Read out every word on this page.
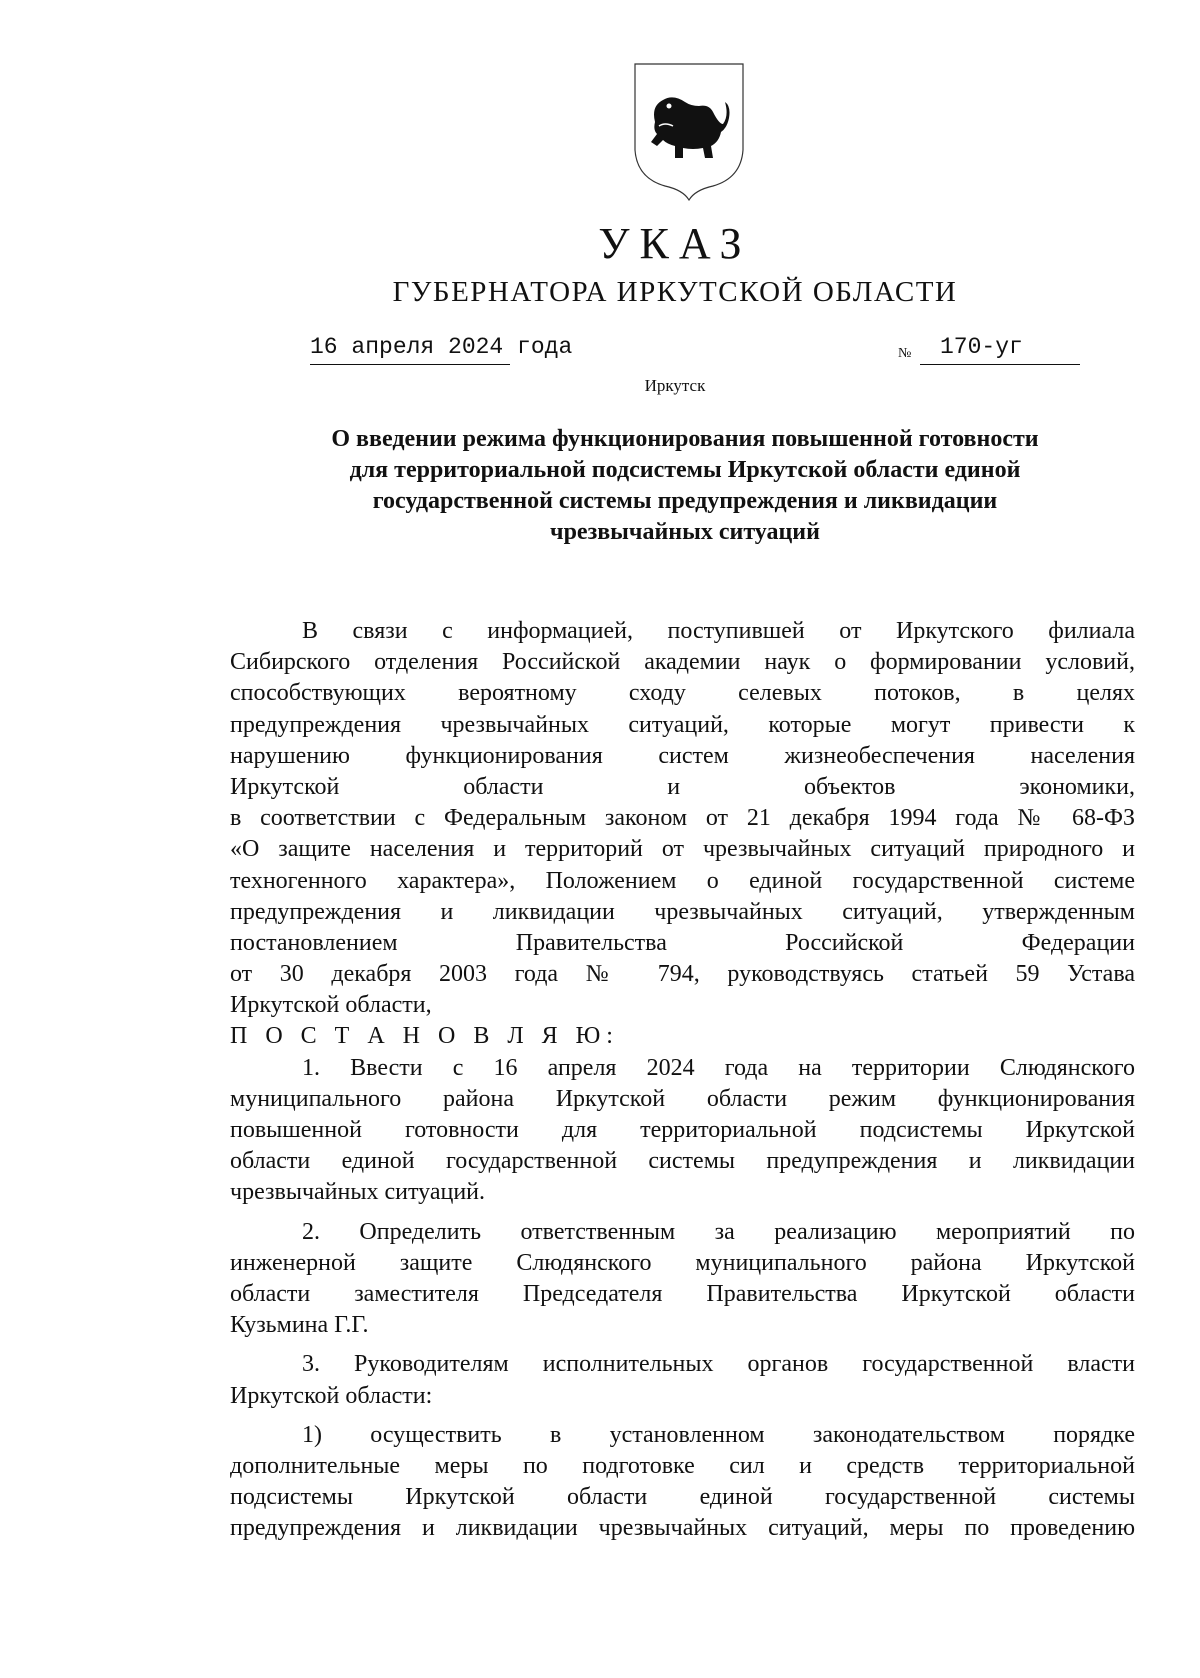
УКАЗ
ГУБЕРНАТОРА ИРКУТСКОЙ ОБЛАСТИ
16 апреля 2024 года	№ 170-уг
Иркутск
О введении режима функционирования повышенной готовности
для территориальной подсистемы Иркутской области единой
государственной системы предупреждения и ликвидации
чрезвычайных ситуаций
В связи с информацией, поступившей от Иркутского филиала
Сибирского отделения Российской академии наук о формировании условий,
способствующих вероятному сходу селевых потоков, в целях
предупреждения чрезвычайных ситуаций, которые могут привести к
нарушению функционирования систем жизнеобеспечения населения
Иркутской области и объектов экономики,
в соответствии с Федеральным законом от 21 декабря 1994 года № 68-ФЗ
«О защите населения и территорий от чрезвычайных ситуаций природного и
техногенного характера», Положением о единой государственной системе
предупреждения и ликвидации чрезвычайных ситуаций, утвержденным
постановлением Правительства Российской Федерации
от 30 декабря 2003 года № 794, руководствуясь статьей 59 Устава
Иркутской области,
П О С Т А Н О В Л Я Ю:
1. Ввести с 16 апреля 2024 года на территории Слюдянского
муниципального района Иркутской области режим функционирования
повышенной готовности для территориальной подсистемы Иркутской
области единой государственной системы предупреждения и ликвидации
чрезвычайных ситуаций.
2. Определить ответственным за реализацию мероприятий по
инженерной защите Слюдянского муниципального района Иркутской
области заместителя Председателя Правительства Иркутской области
Кузьмина Г.Г.
3. Руководителям исполнительных органов государственной власти
Иркутской области:
1) осуществить в установленном законодательством порядке
дополнительные меры по подготовке сил и средств территориальной
подсистемы Иркутской области единой государственной системы
предупреждения и ликвидации чрезвычайных ситуаций, меры по проведению
